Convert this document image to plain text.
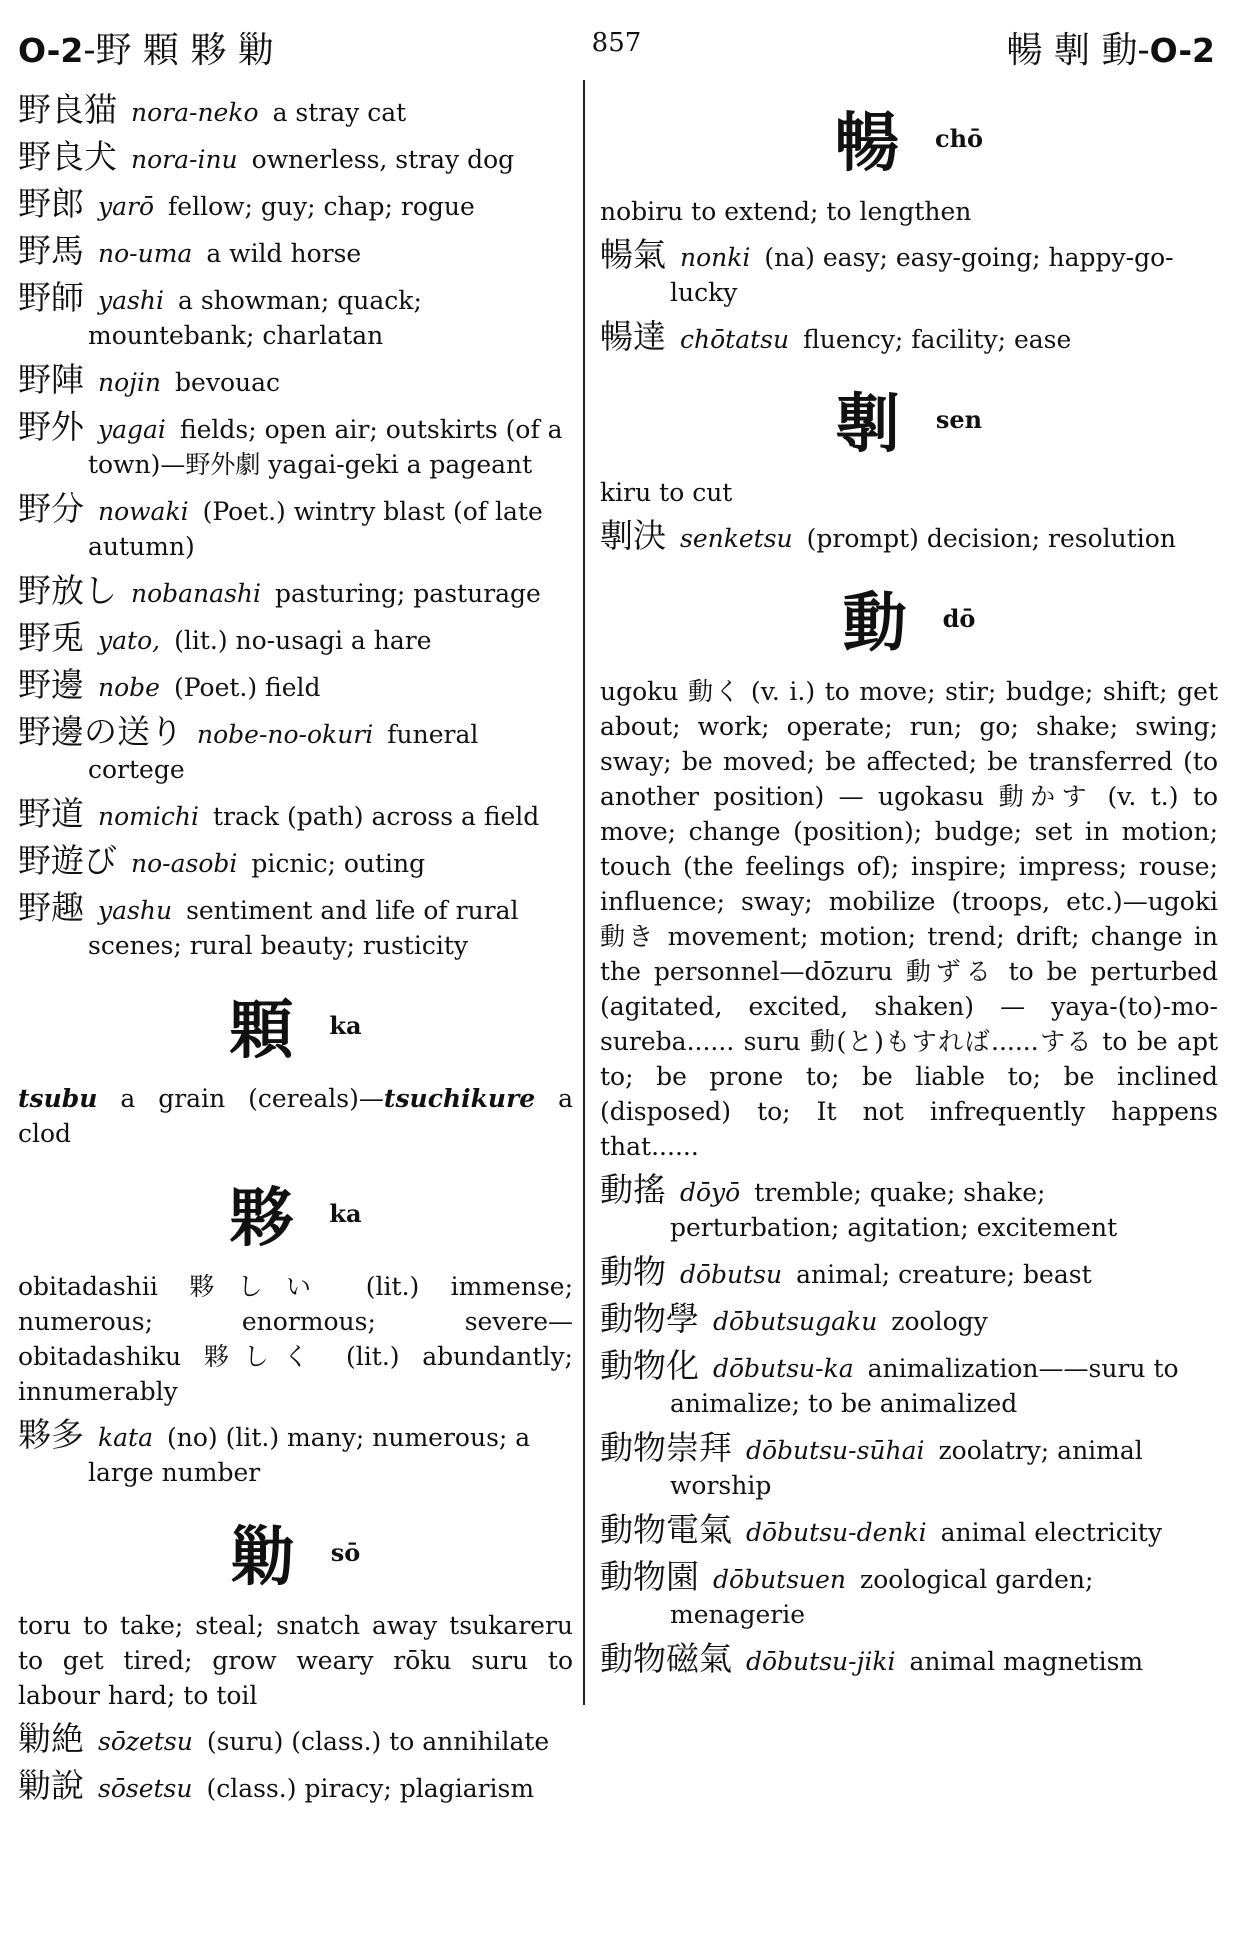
O-2-野 顆 夥 勦	857	暢 剸 動-O-2
野良猫 nora-neko a stray cat
野良犬 nora-inu ownerless, stray dog
野郎 yarō fellow; guy; chap; rogue
野馬 no-uma a wild horse
野師 yashi a showman; quack; mountebank; charlatan
野陣 nojin bevouac
野外 yagai fields; open air; outskirts (of a town)—野外劇 yagai-geki a pageant
野分 nowaki (Poet.) wintry blast (of late autumn)
野放し nobanashi pasturing; pasturage
野兎 yato, (lit.) no-usagi a hare
野邊 nobe (Poet.) field
野邊の送り nobe-no-okuri funeral cortege
野道 nomichi track (path) across a field
野遊び no-asobi picnic; outing
野趣 yashu sentiment and life of rural scenes; rural beauty; rusticity
顆 ka
tsubu a grain (cereals)—tsuchikure a clod
夥 ka
obitadashii 夥しい (lit.) immense; numerous; enormous; severe—obitadashiku 夥しく (lit.) abundantly; innumerably
夥多 kata (no) (lit.) many; numerous; a large number
勦 sō
toru to take; steal; snatch away tsukareru to get tired; grow weary rōku suru to labour hard; to toil
勦絶 sōzetsu (suru) (class.) to annihilate
勦說 sōsetsu (class.) piracy; plagiarism
暢 chō
nobiru to extend; to lengthen
暢氣 nonki (na) easy; easy-going; happy-go-lucky
暢達 chōtatsu fluency; facility; ease
剸 sen
kiru to cut
剸決 senketsu (prompt) decision; resolution
動 dō
ugoku 動く (v. i.) to move; stir; budge; shift; get about; work; operate; run; go; shake; swing; sway; be moved; be affected; be transferred (to another position) — ugokasu 動かす (v. t.) to move; change (position); budge; set in motion; touch (the feelings of); inspire; impress; rouse; influence; sway; mobilize (troops, etc.)—ugoki 動き movement; motion; trend; drift; change in the personnel—dōzuru 動ずる to be perturbed (agitated, excited, shaken) — yaya-(to)-mo-sureba...... suru 動(と)もすれば......する to be apt to; be prone to; be liable to; be inclined (disposed) to; It not infrequently happens that......
動搖 dōyō tremble; quake; shake; perturbation; agitation; excitement
動物 dōbutsu animal; creature; beast
動物學 dōbutsugaku zoology
動物化 dōbutsu-ka animalization——suru to animalize; to be animalized
動物崇拜 dōbutsu-sūhai zoolatry; animal worship
動物電氣 dōbutsu-denki animal electricity
動物園 dōbutsuen zoological garden; menagerie
動物磁氣 dōbutsu-jiki animal magnetism
